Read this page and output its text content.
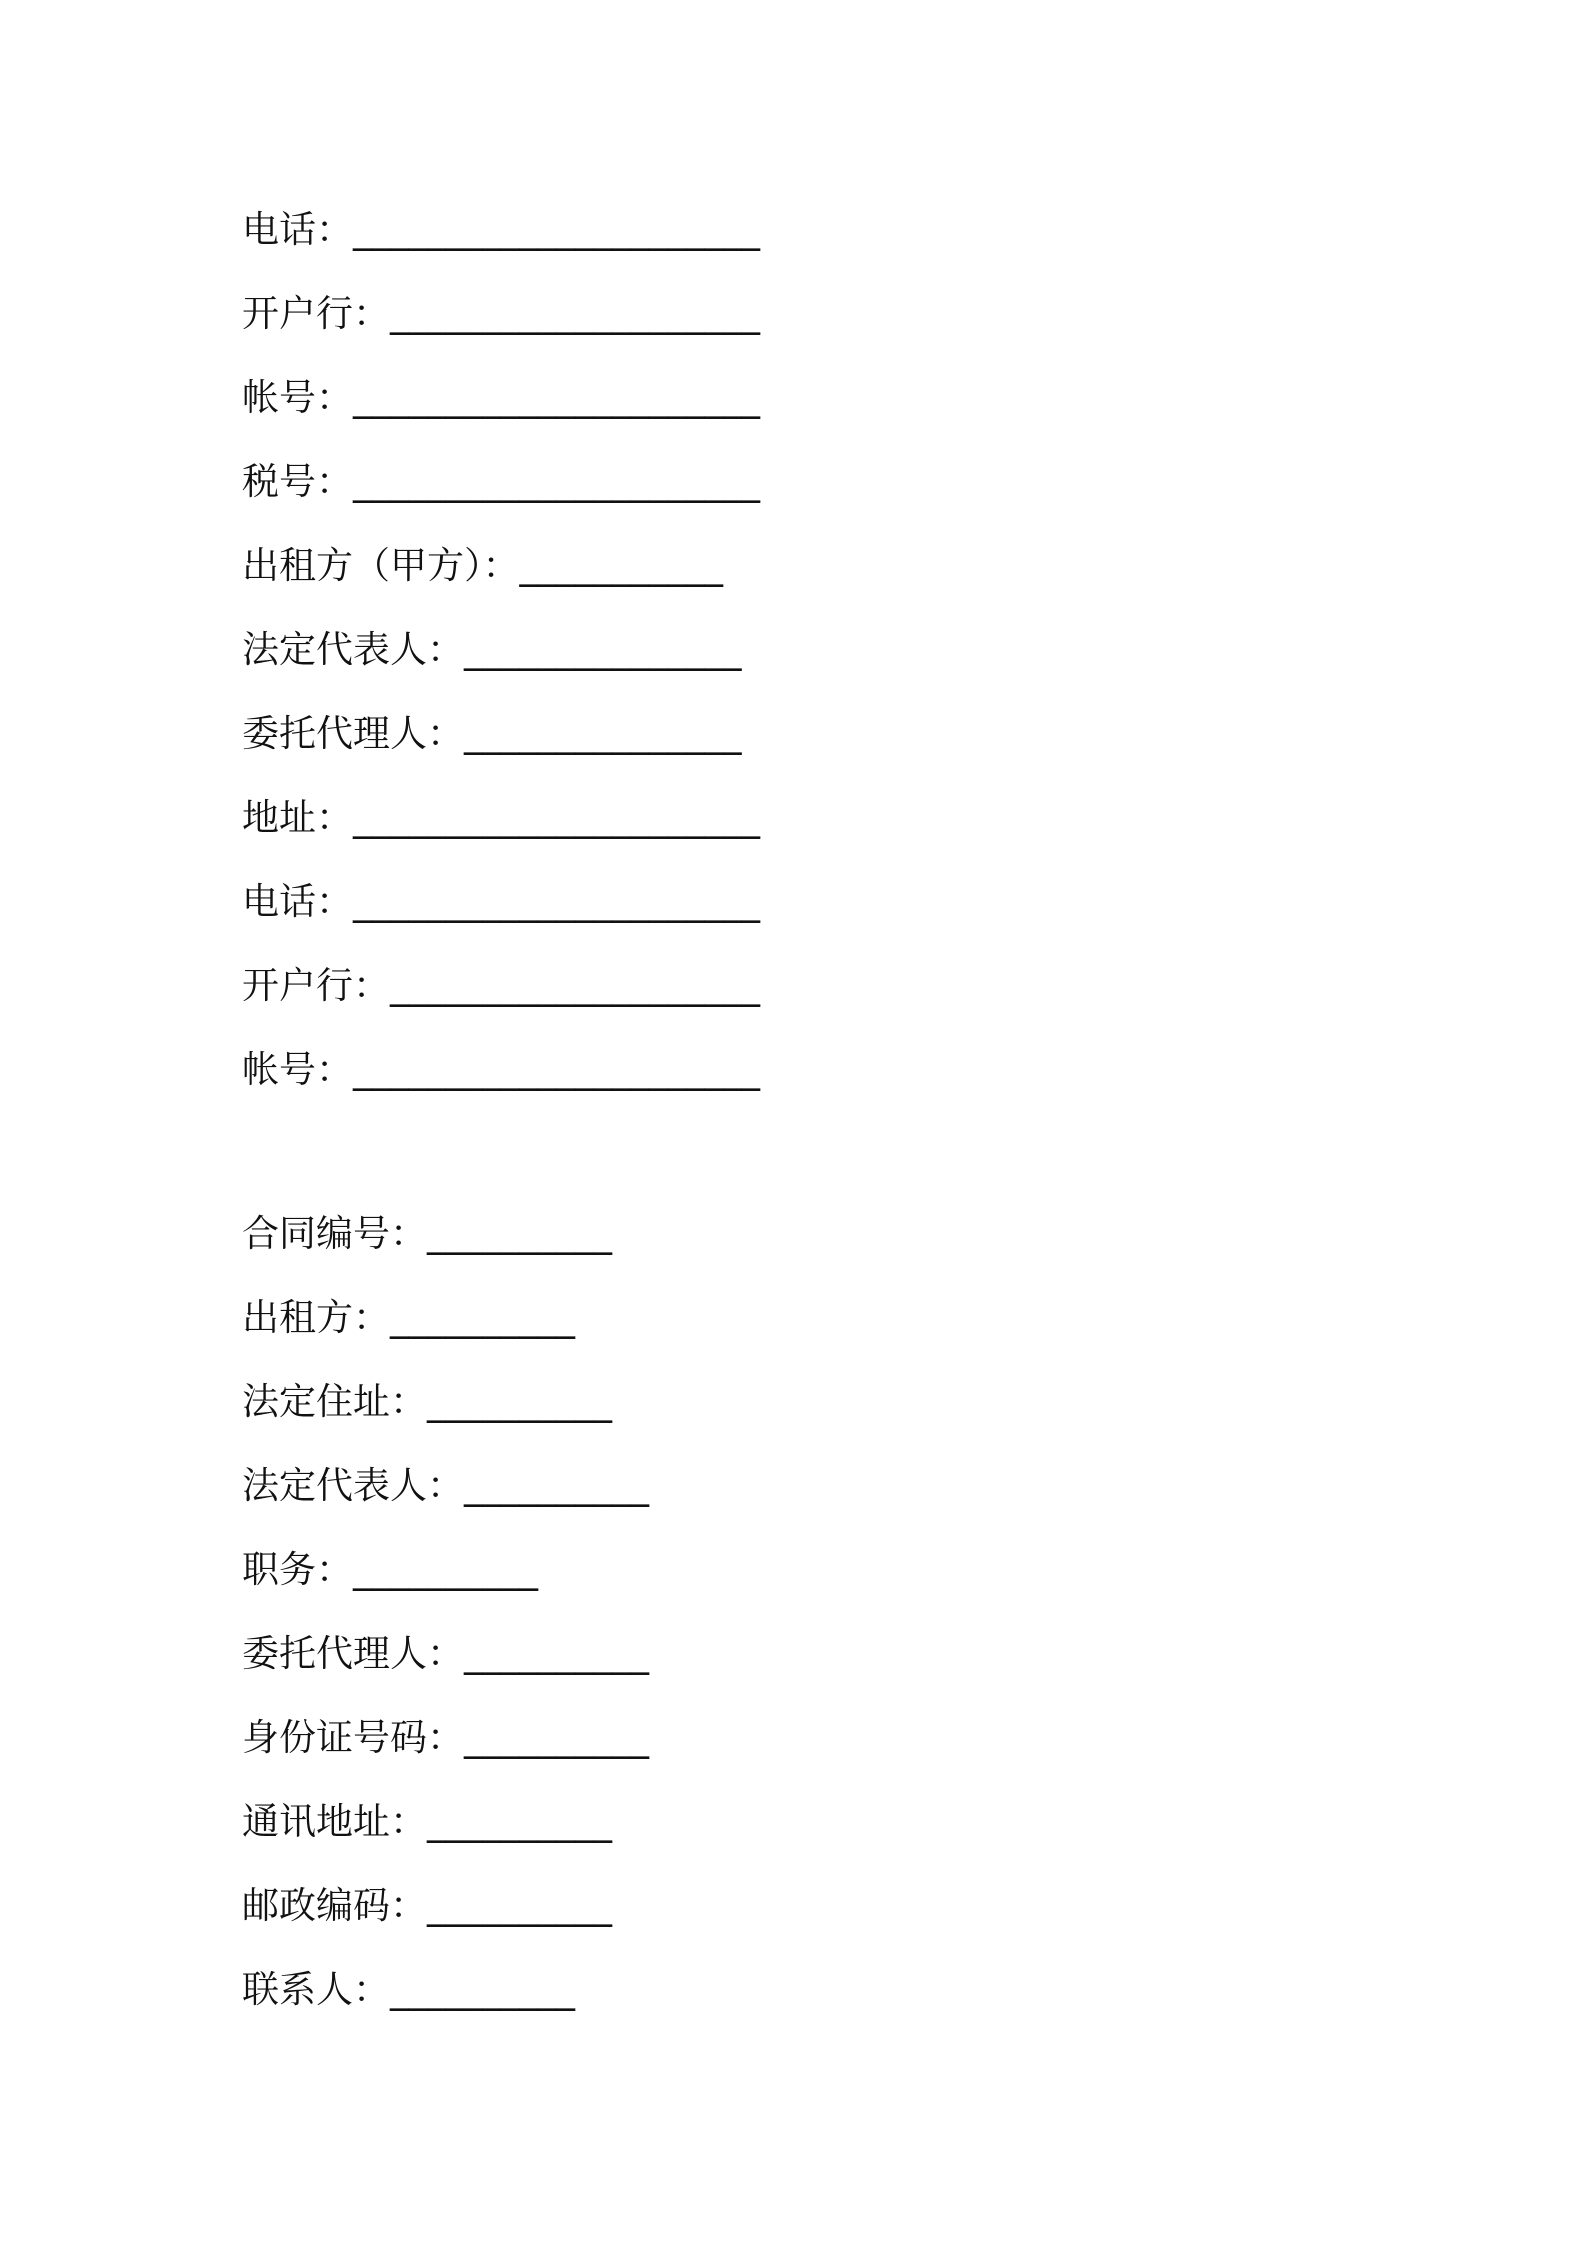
电话：______________________
开户行：____________________
帐号：______________________
税号：______________________
出租方（甲方）：___________
法定代表人：_______________
委托代理人：_______________
地址：______________________
电话：______________________
开户行：____________________
帐号：______________________
合同编号：__________
出租方：__________
法定住址：__________
法定代表人：__________
职务：__________
委托代理人：__________
身份证号码：__________
通讯地址：__________
邮政编码：__________
联系人：__________
